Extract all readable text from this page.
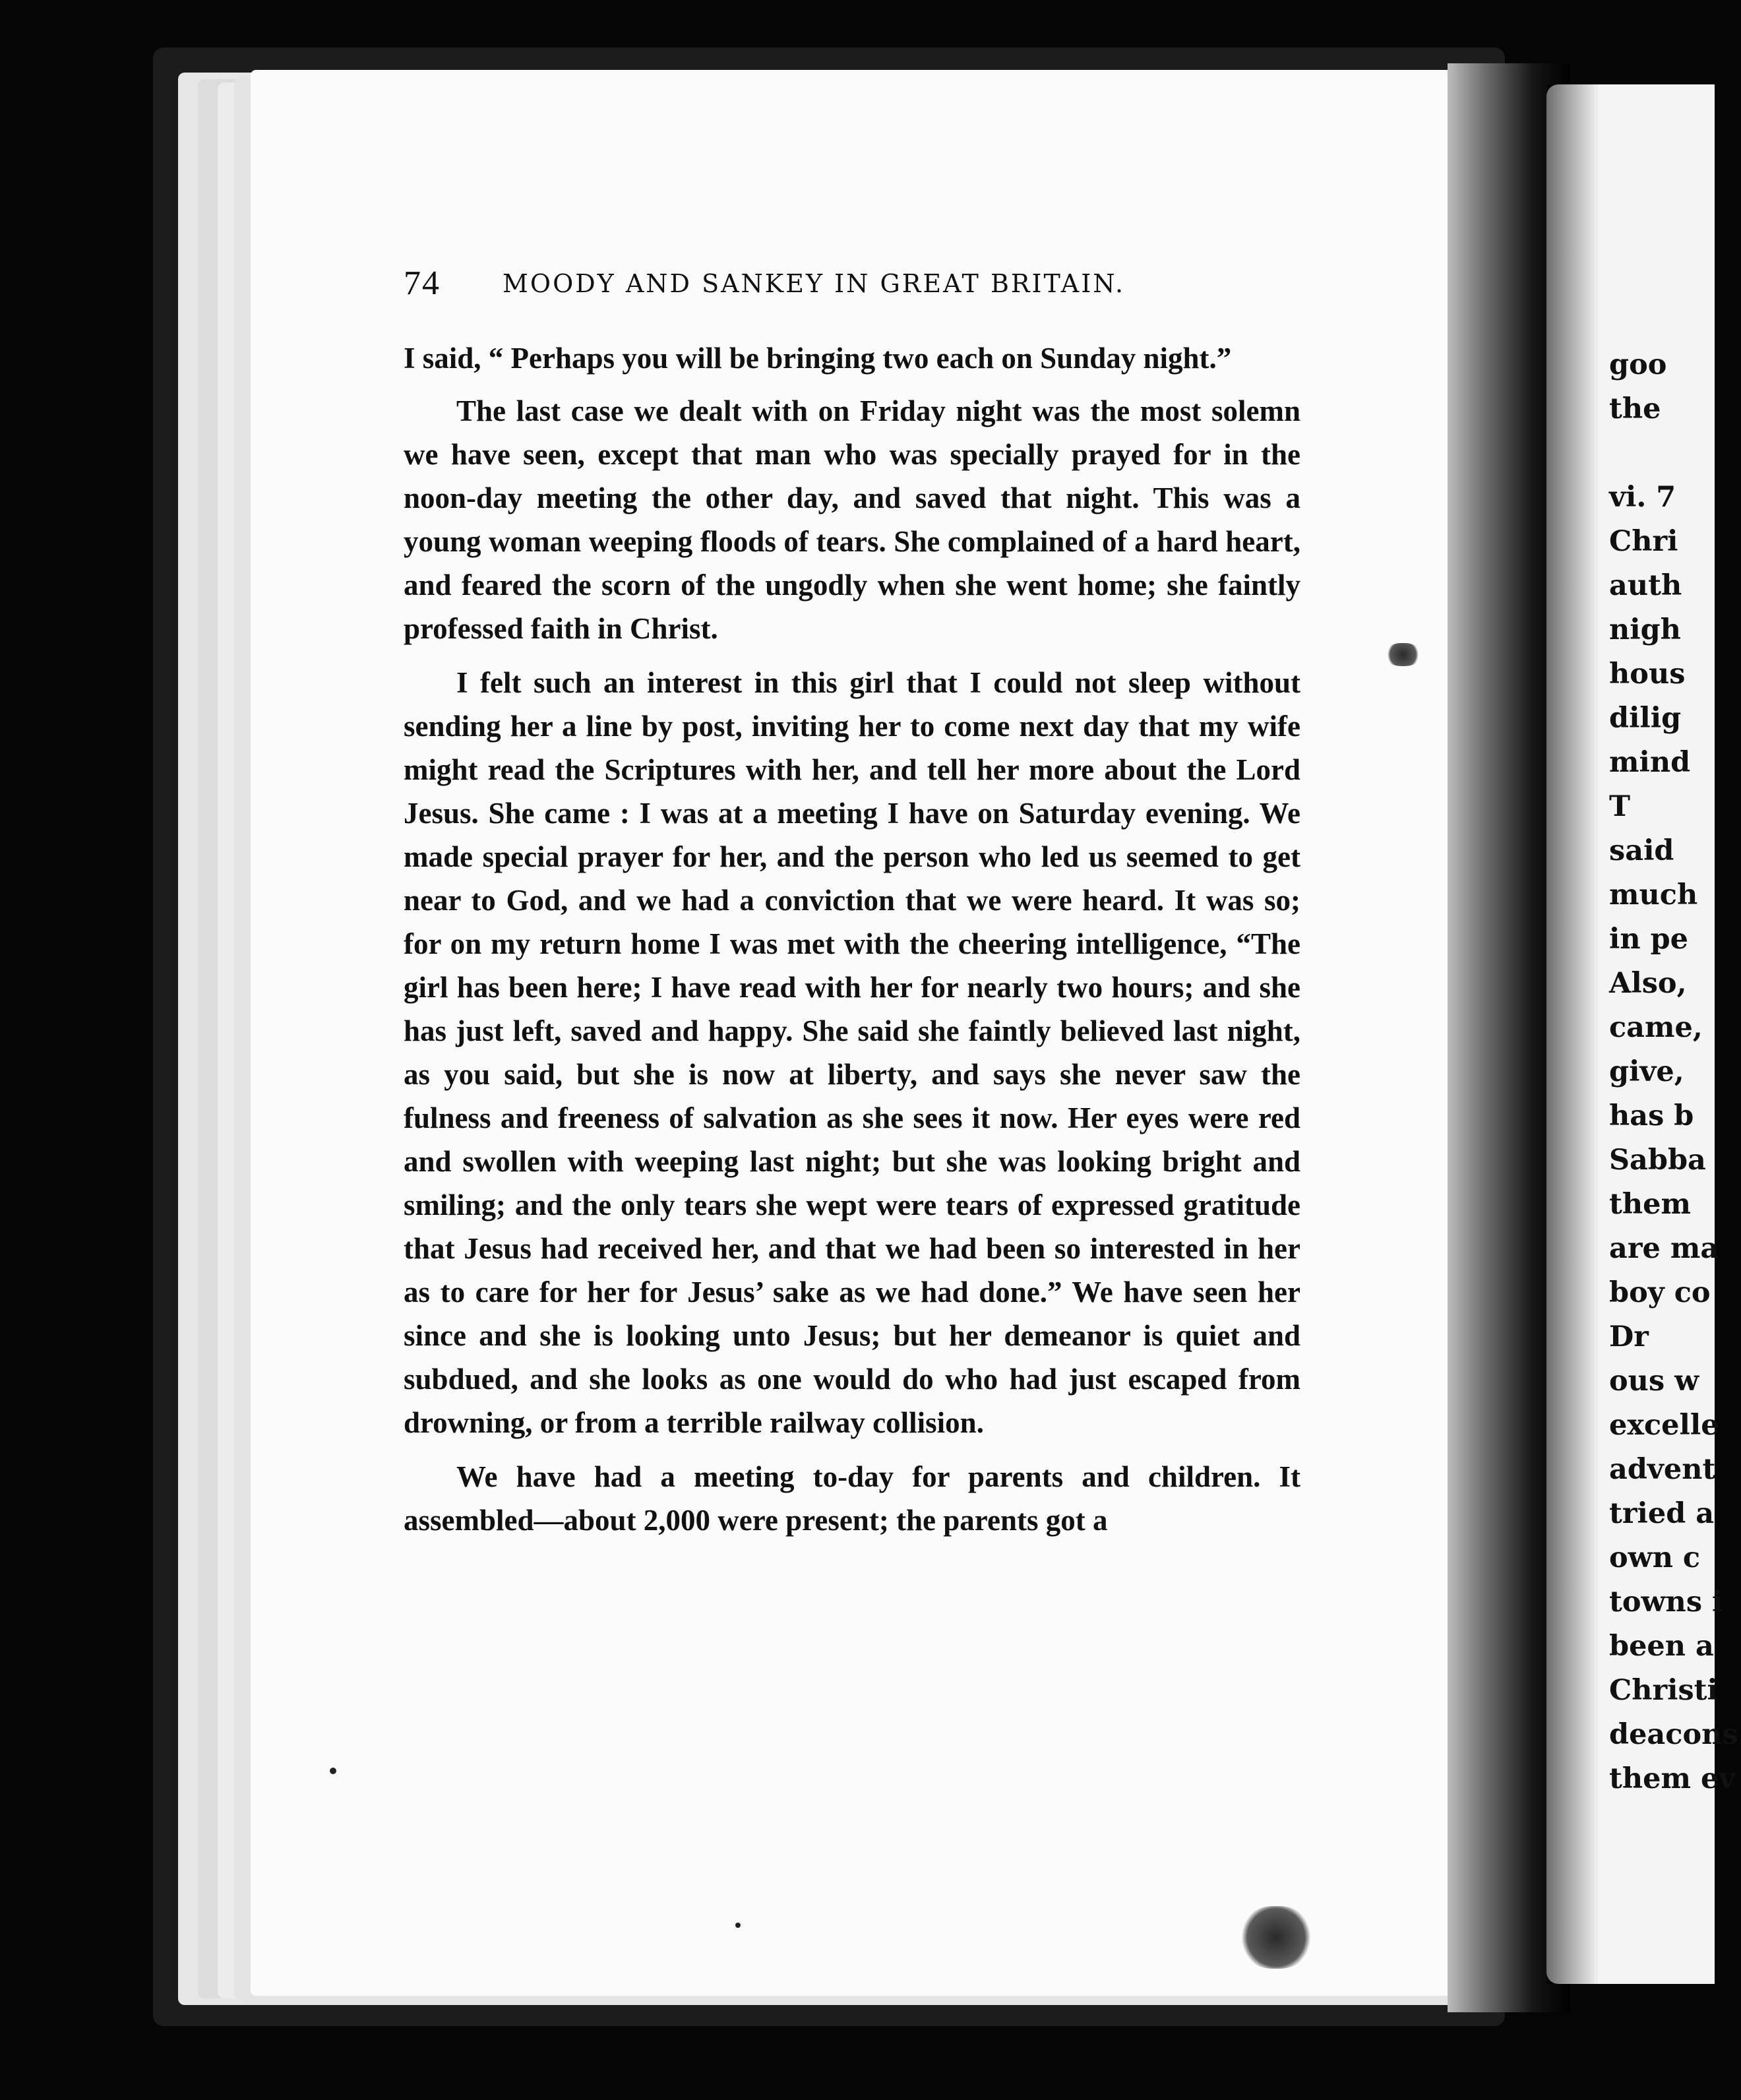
74 MOODY AND SANKEY IN GREAT BRITAIN.

I said, “ Perhaps you will be bringing two each on Sunday night.”

The last case we dealt with on Friday night was the most solemn we have seen, except that man who was specially prayed for in the noon-day meeting the other day, and saved that night. This was a young woman weeping floods of tears. She complained of a hard heart, and feared the scorn of the ungodly when she went home; she faintly professed faith in Christ.

I felt such an interest in this girl that I could not sleep without sending her a line by post, inviting her to come next day that my wife might read the Scriptures with her, and tell her more about the Lord Jesus. She came : I was at a meeting I have on Saturday evening. We made special prayer for her, and the person who led us seemed to get near to God, and we had a conviction that we were heard. It was so; for on my return home I was met with the cheering intelligence, “The girl has been here; I have read with her for nearly two hours; and she has just left, saved and happy. She said she faintly believed last night, as you said, but she is now at liberty, and says she never saw the fulness and freeness of salvation as she sees it now. Her eyes were red and swollen with weeping last night; but she was looking bright and smiling; and the only tears she wept were tears of expressed gratitude that Jesus had received her, and that we had been so interested in her as to care for her for Jesus’ sake as we had done.” We have seen her since and she is looking unto Jesus; but her demeanor is quiet and subdued, and she looks as one would do who had just escaped from drowning, or from a terrible railway collision.

We have had a meeting to-day for parents and children. It assembled—about 2,000 were present; the parents got a

goo
the
vi. 7
Chri
auth
nigh
hous
dilig
mind
T
said
much
in pe
Also,
came,
give,
has b
Sabba
them
are ma
boy co
Dr
ous w
excelle
advent
tried a
own c
towns i
been a
Christi
deacons
them ev
